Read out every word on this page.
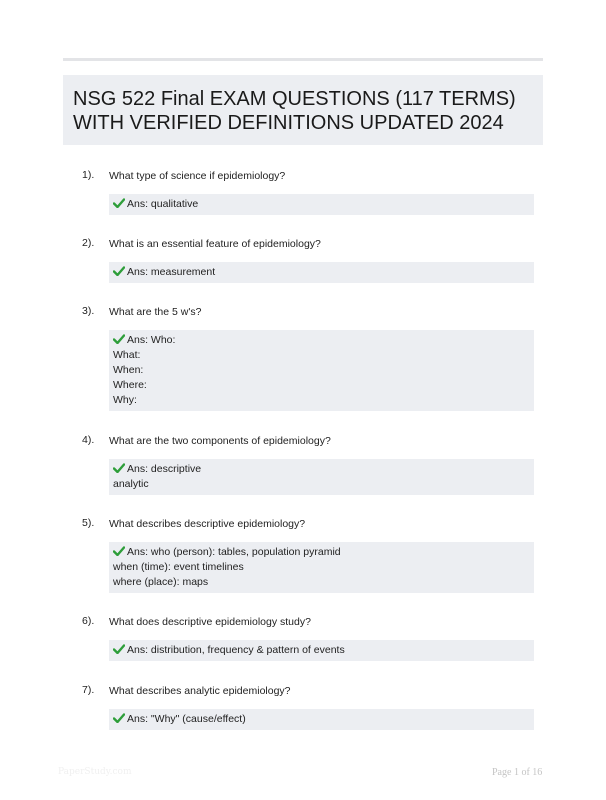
NSG 522 Final EXAM QUESTIONS (117 TERMS)
WITH VERIFIED DEFINITIONS UPDATED 2024
1). What type of science if epidemiology?
Ans: qualitative
2). What is an essential feature of epidemiology?
Ans: measurement
3). What are the 5 w's?
Ans: Who:
What:
When:
Where:
Why:
4). What are the two components of epidemiology?
Ans: descriptive
analytic
5). What describes descriptive epidemiology?
Ans: who (person): tables, population pyramid
when (time): event timelines
where (place): maps
6). What does descriptive epidemiology study?
Ans: distribution, frequency & pattern of events
7). What describes analytic epidemiology?
Ans: "Why" (cause/effect)
PaperStudy.com	Page 1 of 16
